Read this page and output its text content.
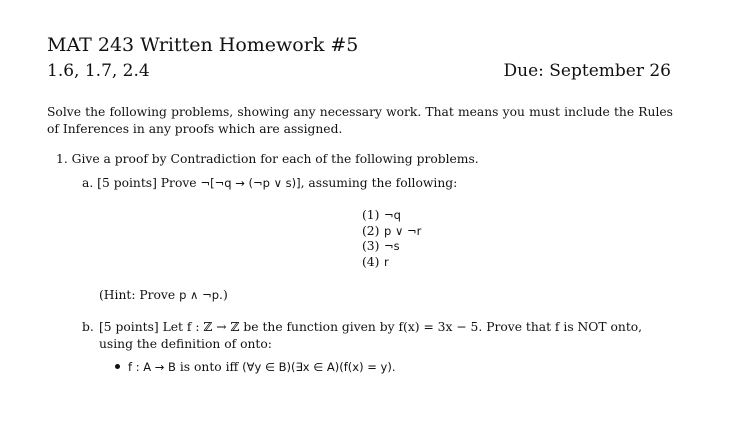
MAT 243 Written Homework #5
1.6, 1.7, 2.4	Due: September 26
Solve the following problems, showing any necessary work. That means you must include the Rules of Inferences in any proofs which are assigned.
1. Give a proof by Contradiction for each of the following problems.
a. [5 points] Prove ¬[¬q → (¬p ∨ s)], assuming the following:
(1) ¬q
(2) p ∨ ¬r
(3) ¬s
(4) r
(Hint: Prove p ∧ ¬p.)
b. [5 points] Let f : ℤ → ℤ be the function given by f(x) = 3x − 5. Prove that f is NOT onto, using the definition of onto:
f : A → B is onto iff (∀y ∈ B)(∃x ∈ A)(f(x) = y).
